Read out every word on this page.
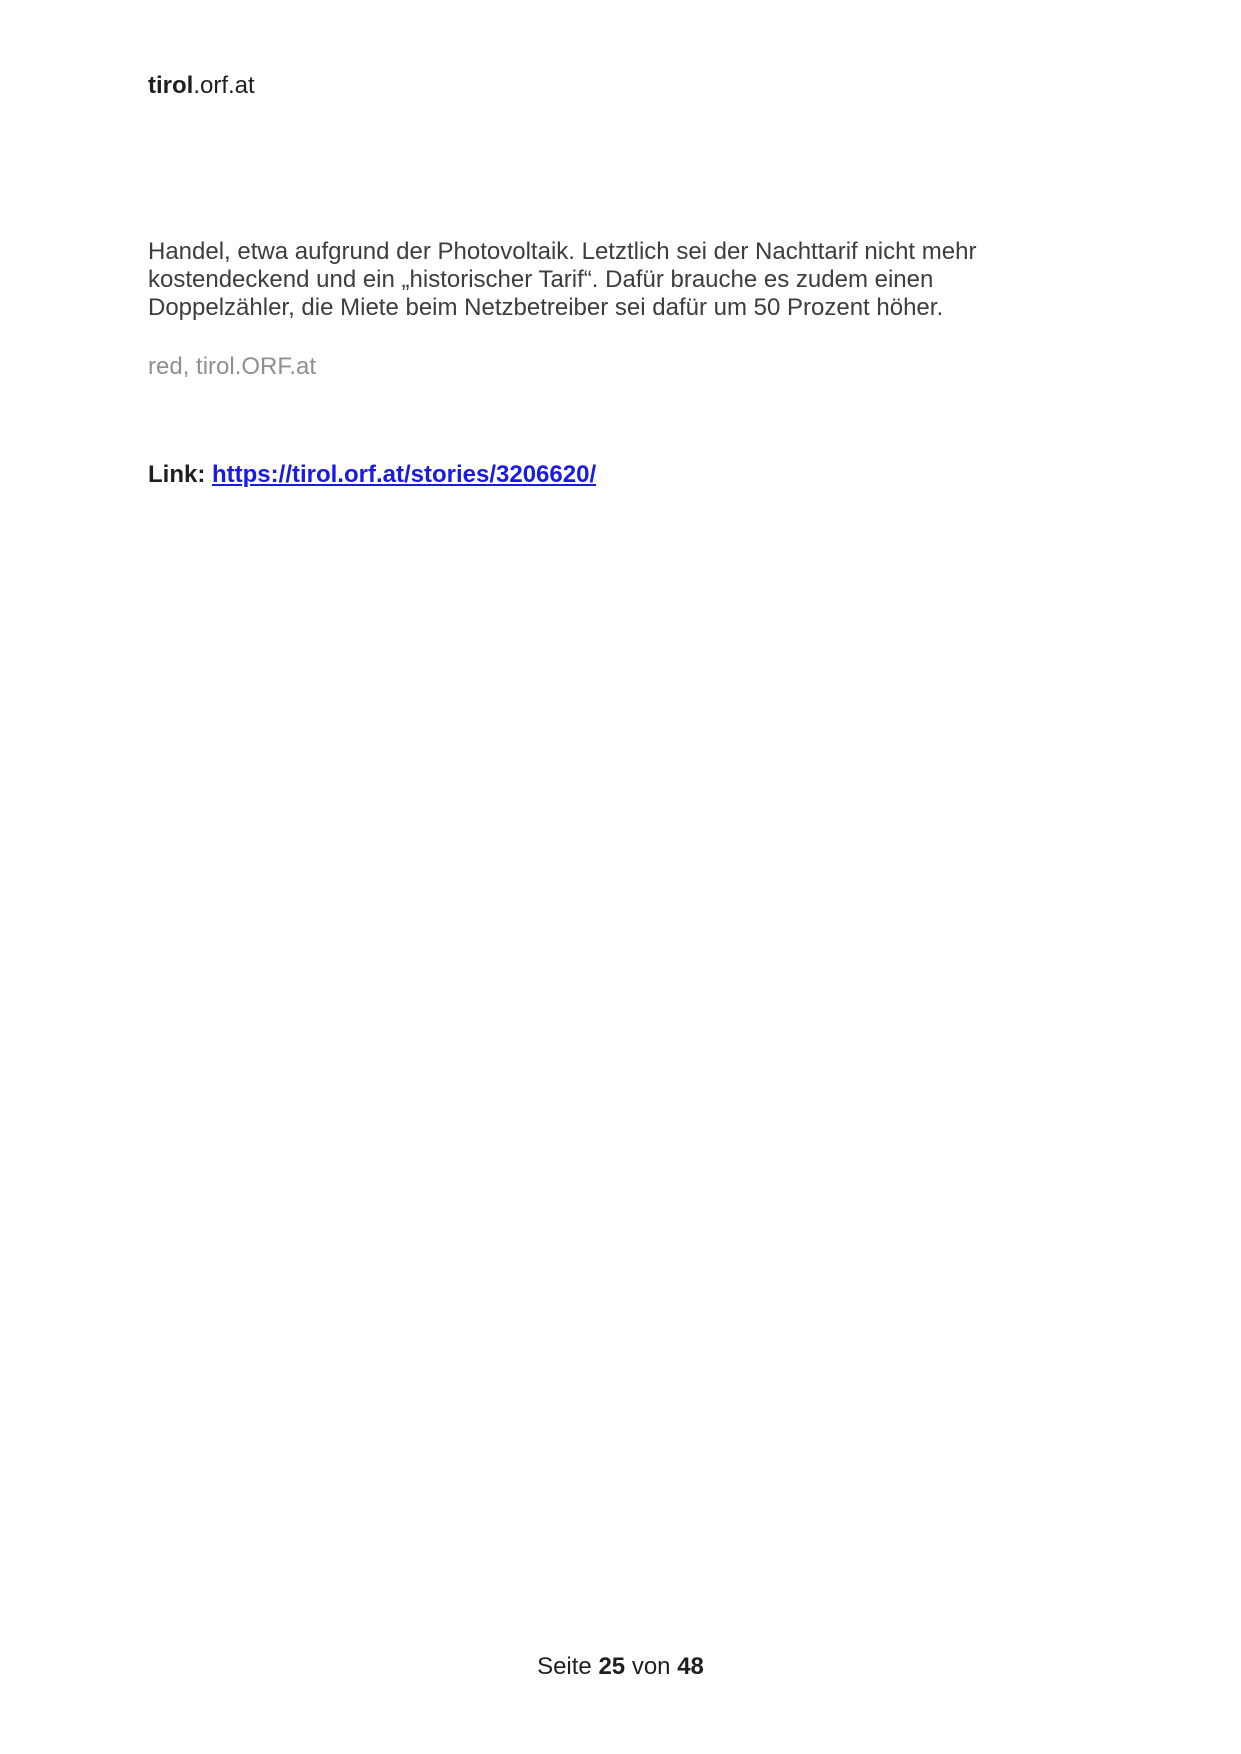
tirol.orf.at
Handel, etwa aufgrund der Photovoltaik. Letztlich sei der Nachttarif nicht mehr
kostendeckend und ein „historischer Tarif“. Dafür brauche es zudem einen
Doppelzähler, die Miete beim Netzbetreiber sei dafür um 50 Prozent höher.
red, tirol.ORF.at
Link: https://tirol.orf.at/stories/3206620/
Seite 25 von 48
